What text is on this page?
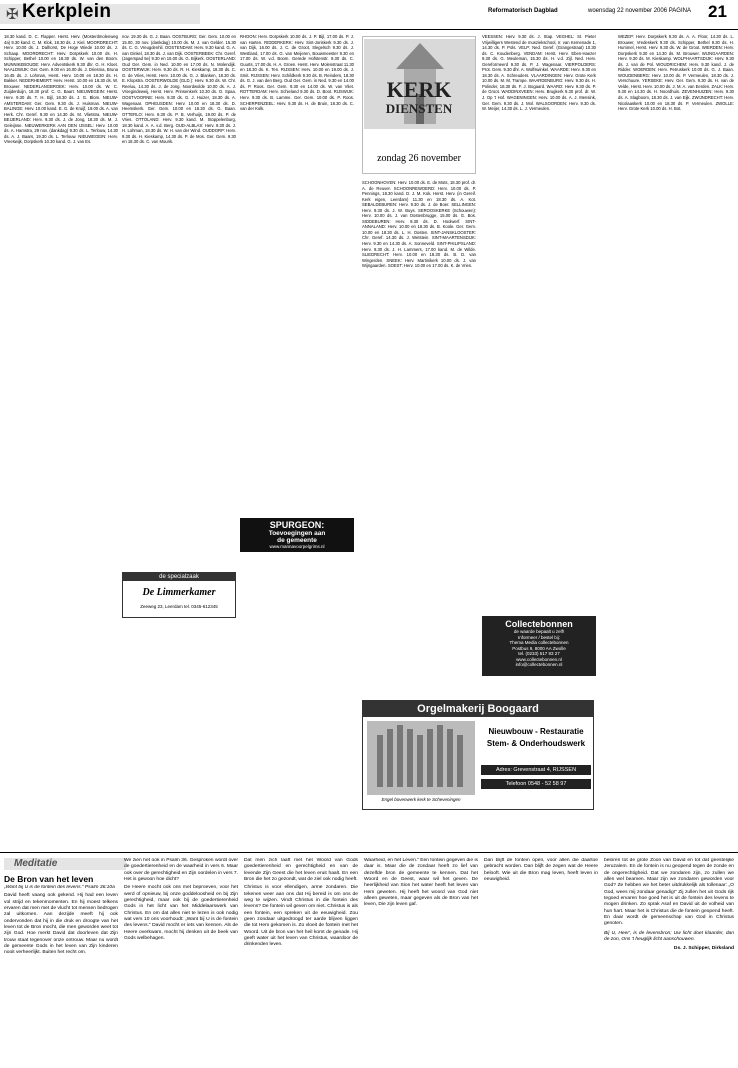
✠ Kerkplein	Reformatorisch Dagblad	woensdag 22 november 2006 PAGINA 21

18.30 kand. D. C. Flapper. Herst. Herv. (Mosterdmolenweg 4a) 9.30 kand. C. M. Klok, 18.30 ds. J. Kiel. MOORDRECHT: Herv. 10.00 ds. J. Dalhorst, De Hoge Wiede 10.00 ds. J. Schaap. MOORDRECHT: Herv. Dorpskerk 10.00 ds. H. Schipper, Bethel 10.00 en 18.30 ds. W. van den Boom. MUNNIKEBOUDE: Herv. Adventskerk 9.30 dhr. G. H. Kloet. NAALDWIJK: Ger. Gem. 9.00 en 16.00 ds. J. Driesma, Bruna 16.45 ds. J. Lohman, Herst. Herv. 10.00 en 18.30 ds. H. Bakker. NEDERHEMERT: Herv. Herst. 10.00 en 18.30 ds. W. Brouwer. NEDERLANGBROEK: Herv. 10.00 ds. W. C. Zuijderduijn, 18.30 prof. C. G. Baart. NIEUWEGEIN: Herst. Herv. 9.30 ds. T. H. Bijl, 18.30 ds. J. G. Blom. NIEUW-AMSTERDAM: Ger. Gem. 9.30 ds. J. Huisman. NIEUW-BALINGE: Herv. 10.00 kand. E. G. de Kruijf, 19.00 ds. A. van Herk. Chr. Geref. 9.30 en 14.30 ds. M. Vlietstra. NIEUW-BEIJERLAND: Herv. 9.30 ds. J. de Jong, 18.30 ds. M. J. Geleijnse. NIEUWERKERK AAN DEN IJSSEL: Herv. 10.00 ds. A. Hamstra, 29 nov. (dankdag) 9.30 ds. L. Terlouw, 14.30 ds. A. J. Baars, 19.30 ds. L. Terlouw. NIEUWEGEIN: Herv. Vreeswijk, Dorpskerk 10.30 kand. G. J. van Es.

nov. 19.30 ds. G. J. Baan. OOSTBURG: Ger. Gem. 10.00 en 15.00, 30 nov. (dankdag) 10.00 ds. M. J. van Gelder. 15.30 ds. C. G. Vreugdenhil. OOSTENDAM: Herv. 9.30 kand. G. A. van Ginkel, 18.30 ds. J. van Dijk. OOSTERBEEK: Chr. Geref. (Jagerspad 5e) 9.30 en 15.00 ds. G. Bijkerk. OOSTERLAND: Oud Ger. Gem. in Ned. 10.00 en 17.00 ds. N. Molendijk. OOSTERWIJK: Herv. 9.30 ds. R. H. Kieskamp, 18.30 ds. C. G. de Vries, Herst. Herv. 10.00 ds. G. J. Blanken, 18.30 ds. E. Klopstra. OOSTERWOLDE (GLD.): Herv. 9.30 ds. W. Chr. Reeluu, 14.30 ds. J. de Jong. Noordwolde 10.00 ds. A. J. Vroegindeweij, Herst. Herv. Prinsenkerk 10.30 ds. O. Spaa. OOSTVOORNE: Herv. 9.30 ds. G. J. Huizer, 18.30 ds. A. Wagenaar. OPHEUSDEN: Herv. 10.00 en 18.30 ds. D. Heemskerk. Ger. Gem. 10.00 en 18.30 ds. G. Baan. OTTERLO: Herv. 9.30 ds. P. B. Verhuijs, 19.00 ds. P. de Vries. OTTOLAND: Herv. 9.30 kand. M. Stoppelenburg, 18.30 kand. A. A. v.d. Berg. OUD-ALBLAS: Herv. 9.30 ds. J. H. Lohman, 18.30 ds. W. H. van der Wind. OUDDORP: Herv. 9.30 ds. H. Kieskamp, 14.30 ds. P. de Mos. Ger. Gem. 9.30 en 18.30 ds. C. van Mourik.

RHOON: Herv. Dorpskerk 10.00 ds. J. P. Bijl, 17.00 ds. P. J. van Harten. RIDDERKERK: Herv. Sint-Joriskerk 9.30 ds. J. van Dijk, 16.00 ds. J. C. de Groot, Slegelsch 9.30 ds. J. Westland, 17.00 ds. G. van Meijeren, Bouwmeester 9.30 en 17.00 ds. W. v.d. Boom. Gerede Hofstenstr. 9.30 ds. C. Guurts, 17.00 ds. H. A. Groen. Herst. Herv. Molenstraat 11.30 en 18.30 ds. K. Ten. RIJSSEN: Herv. 10.00 en 19.00 ds. J. Smit. RIJSSEN: Herv. Schildkerk 9.30 ds. B. Reinders, 18.30 ds. G. J. van den Berg. Oud Ger. Gem. in Ned. 9.30 en 14.00 ds. P. Roos. Ger. Gem. 9.30 en 14.00 ds. W. van Vliet. ROTTERDAM: Herv. Schieland 9.30 ds. D. Boot. RIJSWIJK: Herv. 9.30 ds. B. Lamme. Ger. Gem. 10.00 ds. P. Roos. SCHERPENZEEL: Herv. 9.30 ds. H. de Bruin, 18.30 ds. C. van der Kolk.

SCHOONHOVEN: Herv. 10.00 ds. E. de Mots, 18.30 prof. dr. A. de Reuver. SCHOONREWOERD: Herv. 10.00 ds. P. Pennings, 18.30 kand. D. J. M. Kok. Herst. Herv. (in Gereif. Kerk eigen, Leerdam) 11.30 en 18.30 ds. A. Kot. SEBALDEBUREN: Herv. 9.30 ds. J. de Boer. SELLINGEN: Herv. 9.30 ds. J. W. Buys. SEROOSKERKE (Schouwen): Herv. 10.00 ds. J. van Oostenbrugge, 15.00 ds. G. Bos. SIDDEBUREN: Herv. 9.30 ds. D. Hoolwerf. SINT-ANNALAND: Herv. 10.00 en 18.30 ds. B. Koole. Ger. Gem. 10.00 en 18.30 ds. L. H. Oosten. SINT-JANSKLOOSTER: Chr. Geref. 14.30 ds. J. Wetstein. SINT-MAARTENSDIJK: Herv. 9.30 en 14.30 ds. A. Sonneveld. SINT-PHILIPSLAND: Herv. 9.30 ds. J. H. Lammers, 17.00 kand. M. de Wilde. SLIEDRECHT: Herv. 10.00 en 18.30 ds. B. D. van Wingerden. SNEEK: Herv. Martinikerk 10.00 ds. J. van Wijngaarden. SOEST: Herv. 10.00 en 17.00 ds. K. de Vries.

VEESSEN: Herv. 9.30 ds. J. Stap. VEGHEL: St. Pieter Vrijwilligers Westend de musziekschool, Ir. van Kemenade 1, 14.30 ds. P. Pols. VELP: Ned. Geref. (Grangestraat) 10.30 ds. C. Koudenberg. VENDAM: Herst. Herv. Eben-Haezer 9.30 ds. G. Meuleman, 15.30 ds. H. v.d. Zijl. Ned. Herv. Gereformeerd 9.30 ds. P. J. Wagenaar. VIERPOLDERS: Prot. Gem. 9.30 dhr. A. Wolfswinkel. WAARDE: Herv. 9.30 en 18.30 ds. A. Schreuders. VLAARDINGEN: Herv. Grote Kerk 10.00 ds. M. M. Trampe. WAARDENBURG: Herv. 9.30 ds. H. Polinder, 18.30 ds. F. J. Bogaard. WAARD: Herv. 9.30 ds. P. de Groot. WADDINXVEEN: Herv. Brugkerk 9.30 prof. dr. W. J. Op 't Hof. WAGENINGEN: Herv. 10.00 ds. A. J. Mensink, Ger. Gem. 9.30 ds. J. Mol. WALSOORDEN: Herv. 9.30 ds. W. Meijer, 14.30 ds. L. J. Vermeulen.

WEZEP: Herv. Dorpskerk 9.30 ds. A. A. Floor, 14.30 ds. L. Brouwer, Vredeskerk 9.30 ds. Schipper, Bethel 9.30 ds. H. Hummel, Herst. Herv. 9.30 ds. W. de Groot. WIERDEN: Herv. Dorpskerk 9.30 en 14.30 ds. M. Brouwer. WIJNGAARDEN: Herv. 9.30 ds. M. Kieskamp. WOLPHAARTSDIJK: Herv. 9.30 ds. J. van de Pol. WOUDRICHEM: Herv. 9.30 kand. J. de Ridder. WOERDEN: Herv. Petruskerk 10.00 ds. G. J. Baan. WOUDENBERG: Herv. 10.00 ds. P. Vermeulen, 18.30 ds. J. Verschuure. YERSEKE: Herv. Ger. Gem. 9.30 ds. H. van de Velde, Herst. Herv. 10.00 ds. J. M. A. van Eerden. ZALK: Herv. 9.30 en 14.30 ds. H. Noordhuis. ZEVENHUIZEN: Herv. 9.30 ds. A. Slagboom, 18.30 ds. J. van Eijk. ZWIJNDRECHT: Herv. Nicolaaskerk 10.00 en 18.30 ds. P. Vermeulen. ZWOLLE: Herv. Grote Kerk 10.00 ds. H. Bot.

KERK
DIENSTEN
zondag 26 november
SPURGEON:
Toevoegingen aan
de gemeente
www.mannavoorpelgrims.nl
de specialzaak
De Limmerkamer
Zeeweg 23, Leerdam tel. 0345-612345
Collectebonnen
de waarde bepaalt u zelf!
Informeer / bestel bij:
Thema Media collectebonnen
Postbus 9, 8000 AA Zwolle
tel. (0233) 517 83 27
www.collectebonnen.nl
info@collectebonnen.nl
Orgelmakerij Boogaard
Engel bovenwerk kerk te Scheveningen
Nieuwbouw - Restauratie
Stem- & Onderhoudswerk
Adres: Grevenstraat 4, RIJSSEN
Telefoon 0548 - 52 58 97
Meditatie
De Bron van het leven

„Want bij U is de fontein des levens.” Psalm 36:10a

David heeft vaang ook gekend. Hij had een leven vol strijd en tekenmomenten. En hij moest telkens ervaren dat men met de vlucht tot mensen bedrogen zal uitkomen. Aan dezijde meeft hij ook ondervonden dat hij in die druk en droogte van het leven tot de Bron mocht, die men geworden weet tot zijn God. Hoe merkt David dat doorleven dat Zijn trouw staat tegenover onze ontrouw. Maar nu wordt de gemeente Gods in het leven van Zijn kinderen nooit verheerlijkt. Buiten het recht om.

We zien het ook in Psalm 36. Gesproken wordt over de goedertierenheid en de waarheid in vers 6. Maar ook over de gerechtigheid en Zijn oordelen in vers 7. Het is gewoon hoe dicht?

De Heere mocht ook ons met beproeven, voor het werd of opnieuw, bij onze goddeloosheid en bij Zijn gerechtigheid, maar ook bij de goedertierenheid Gods in het licht van het Middelaarswerk van Christus. En om dat alles niet te lezen is ook nodig wat vers 10 ons voorhoudt: „Want bij U is de fontein des levens.” David mocht er iets van kennen. Als de Heere overkwam, mocht hij denken uit de beek van Gods welbehagen.

Dat men zich laaft met het Woord van Gods goedertierenheid en gerechtigheid en van de levende Zijn Geest die het leven eruit haalt. En een Bron die het zo gezondt, wat de ziel ook nodig heeft.

Christus is voor ellendigen, arme zondaren. Die tekenen weer aan ons dat Hij bereid is om ons de weg te wijzen. Vindt Christus in die fontein des levens? De fontein wil geven om niet. Christus is als een fontein, een spreken uit de eeuwigheid. Zou geen zondaar uitgedroogd ter aarde blijven liggen die tot Hem gekomen is. Zo vloeit de fontein met het Woord. Uit de bron van het heil komt de genade. Hij geeft water uit het leven van Christus, waardoor de drinkenden leven.

Waarheid, en het Leven.” Een fontein gegeven die is daar is. Maar die de zondaar heeft zo lief van dezelfde bron de gemeente te kennen. Dat het Woord en de Geest, waar wil het geven. De heerlijkheid van Sion het water heeft het leven van Hem geweten. Hij heeft het woord van God niet alleen geweten, maar gegeven als de Bron van het leven, Die zijn leven gaf.

Dan blijft de fontein open, voor allen die daartoe gebracht worden. Dan blijft de zegen wat de Heere belooft. Wie uit die Bron mag leven, heeft leven in eeuwigheid.

beloren tot de grote Zoon van David en tot dat geestelijke Jeruzalem. En de fontein is nu geopend tegen de zonde en de ongerechtigheid. Dat we zondaren zijn, zo zullen we allen wel beamen. Maar zijn we zondaren geworden voor God? Ze hebben we het beter uitdrukkelijk als tollenaar: „O God, wees mij zondaar genadig!” Zij zullen het uit Gods rijk tegoed ervaren hoe goed het is uit de fontein des levens te mogen drinken. Zo sprak Asaf en David uit de volheid van hun hart. Maar het is Christus die de fontein geopend heeft. En daar wordt de gemeenschap van God in Christus genoten.

Bij U, Heer', is de levensbron; Uw licht doet klaarder, dan de zon, Ons 't heuglijk licht aanschouwen.

Ds. J. Schipper, Dirksland
